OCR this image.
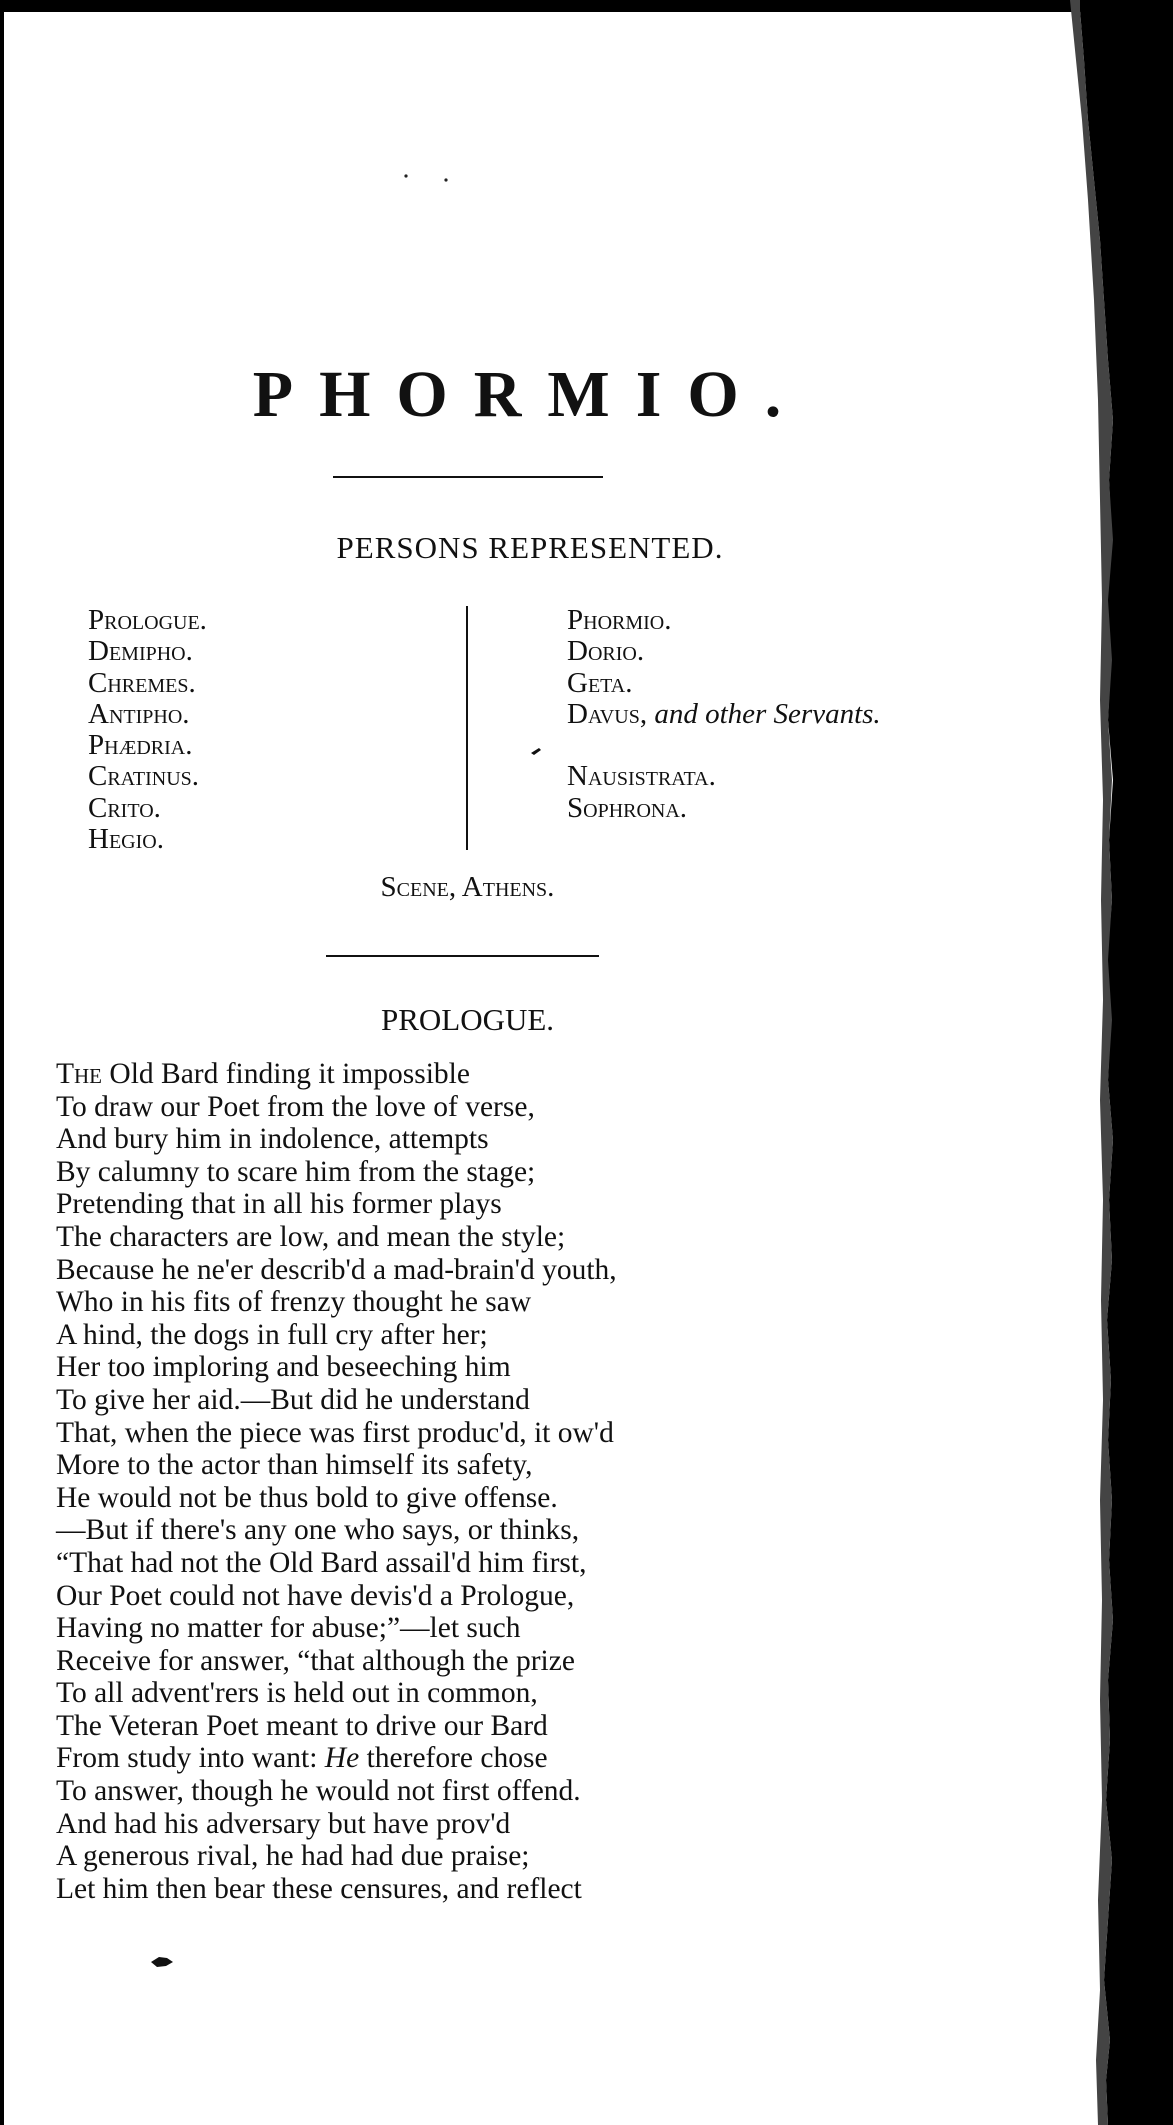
PHORMIO.
PERSONS REPRESENTED.
Prologue.
Demipho.
Chremes.
Antipho.
Phædria.
Cratinus.
Crito.
Hegio.
Phormio.
Dorio.
Geta.
Davus, and other Servants.
Nausistrata.
Sophrona.
Scene, Athens.
PROLOGUE.
The Old Bard finding it impossible
To draw our Poet from the love of verse,
And bury him in indolence, attempts
By calumny to scare him from the stage;
Pretending that in all his former plays
The characters are low, and mean the style;
Because he ne'er describ'd a mad-brain'd youth,
Who in his fits of frenzy thought he saw
A hind, the dogs in full cry after her;
Her too imploring and beseeching him
To give her aid.—But did he understand
That, when the piece was first produc'd, it ow'd
More to the actor than himself its safety,
He would not be thus bold to give offense.
—But if there's any one who says, or thinks,
“That had not the Old Bard assail'd him first,
Our Poet could not have devis'd a Prologue,
Having no matter for abuse;”—let such
Receive for answer, “that although the prize
To all advent'rers is held out in common,
The Veteran Poet meant to drive our Bard
From study into want: He therefore chose
To answer, though he would not first offend.
And had his adversary but have prov'd
A generous rival, he had had due praise;
Let him then bear these censures, and reflect
